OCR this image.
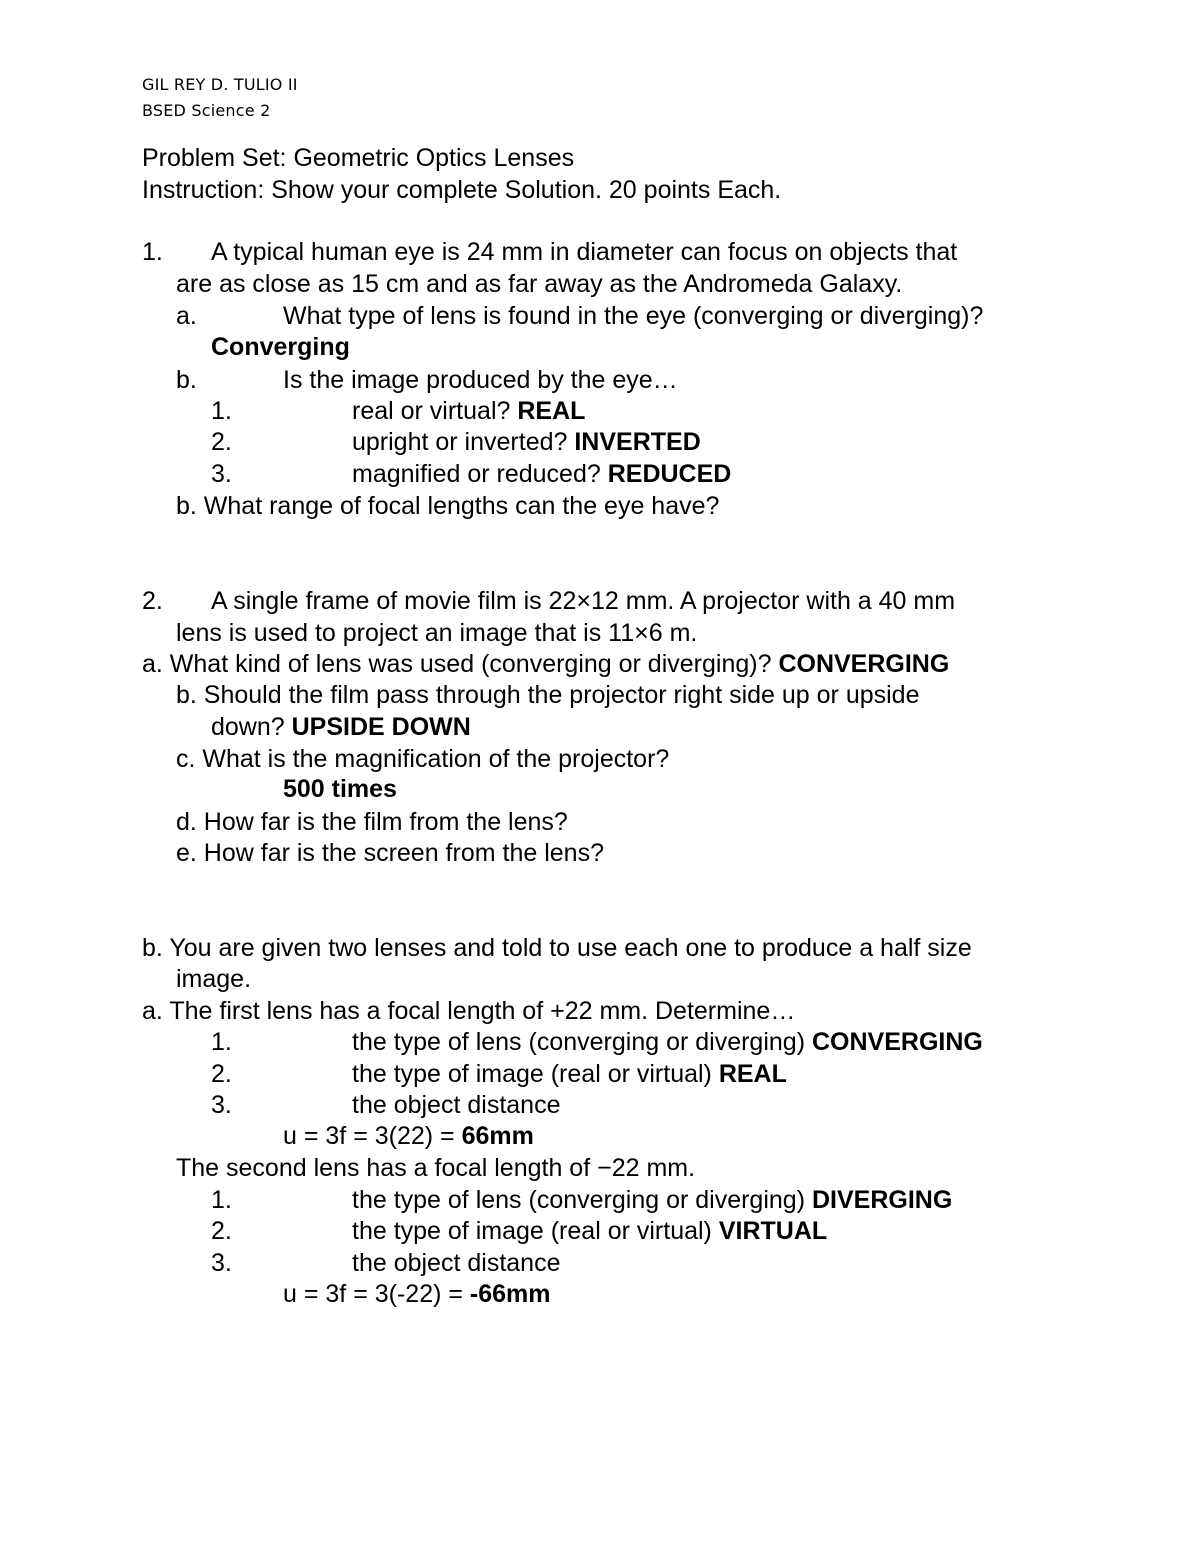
GIL REY D. TULIO II
BSED Science 2
Problem Set: Geometric Optics Lenses
Instruction: Show your complete Solution. 20 points Each.
1. A typical human eye is 24 mm in diameter can focus on objects that
are as close as 15 cm and as far away as the Andromeda Galaxy.
a.	What type of lens is found in the eye (converging or diverging)?
Converging
b.	Is the image produced by the eye…
1.	real or virtual? REAL
2.	upright or inverted? INVERTED
3.	magnified or reduced? REDUCED
b. What range of focal lengths can the eye have?
2. A single frame of movie film is 22×12 mm. A projector with a 40 mm
lens is used to project an image that is 11×6 m.
a. What kind of lens was used (converging or diverging)? CONVERGING
b. Should the film pass through the projector right side up or upside
down? UPSIDE DOWN
c. What is the magnification of the projector?
500 times
d. How far is the film from the lens?
e. How far is the screen from the lens?
b. You are given two lenses and told to use each one to produce a half size
image.
a. The first lens has a focal length of +22 mm. Determine…
1.	the type of lens (converging or diverging) CONVERGING
2.	the type of image (real or virtual) REAL
3.	the object distance
u = 3f = 3(22) = 66mm
The second lens has a focal length of −22 mm.
1.	the type of lens (converging or diverging) DIVERGING
2.	the type of image (real or virtual) VIRTUAL
3.	the object distance
u = 3f = 3(-22) = -66mm
